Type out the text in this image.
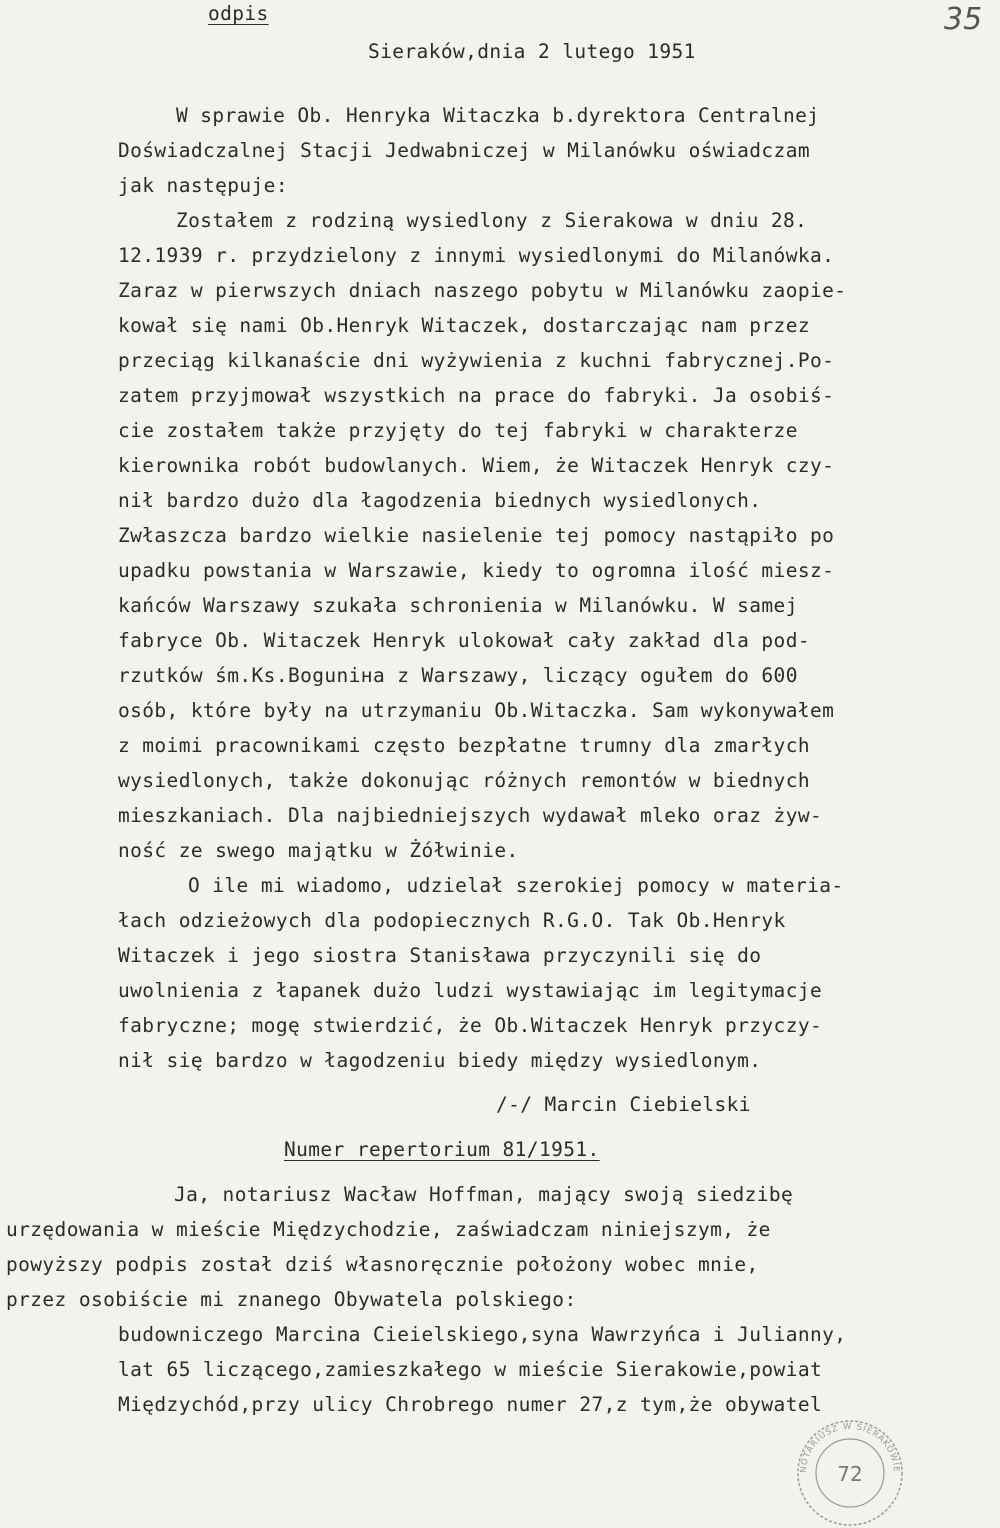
odpis	35
Sieraków,dnia 2 lutego 1951
W sprawie Ob. Henryka Witaczka b.dyrektora Centralnej
Doświadczalnej Stacji Jedwabniczej w Milanówku oświadczam
jak następuje:
Zostałem z rodziną wysiedlony z Sierakowa w dniu 28.
12.1939 r. przydzielony z innymi wysiedlonymi do Milanówka.
Zaraz w pierwszych dniach naszego pobytu w Milanówku zaopie-
kował się nami Ob.Henryk Witaczek, dostarczając nam przez
przeciąg kilkanaście dni wyżywienia z kuchni fabrycznej.Po-
zatem przyjmował wszystkich na prace do fabryki. Ja osobiś-
cie zostałem także przyjęty do tej fabryki w charakterze
kierownika robót budowlanych. Wiem, że Witaczek Henryk czy-
nił bardzo dużo dla łagodzenia biednych wysiedlonych.
Zwłaszcza bardzo wielkie nasielenie tej pomocy nastąpiło po
upadku powstania w Warszawie, kiedy to ogromna ilość miesz-
kańców Warszawy szukała schronienia w Milanówku. W samej
fabryce Ob. Witaczek Henryk ulokował cały zakład dla pod-
rzutków śm.Ks.Boguniна z Warszawy, liczący ogułem do 600
osób, które były na utrzymaniu Ob.Witaczka. Sam wykonywałem
z moimi pracownikami często bezpłatne trumny dla zmarłych
wysiedlonych, także dokonując różnych remontów w biednych
mieszkaniach. Dla najbiedniejszych wydawał mleko oraz żyw-
ność ze swego majątku w Żółwinie.
O ile mi wiadomo, udzielał szerokiej pomocy w materia-
łach odzieżowych dla podopiecznych R.G.O. Tak Ob.Henryk
Witaczek i jego siostra Stanisława przyczynili się do
uwolnienia z łapanek dużo ludzi wystawiając im legitymacje
fabryczne; mogę stwierdzić, że Ob.Witaczek Henryk przyczy-
nił się bardzo w łagodzeniu biedy między wysiedlonym.
/-/ Marcin Ciebielski
Numer repertorium 81/1951.
Ja, notariusz Wacław Hoffman, mający swoją siedzibę
urzędowania w mieście Międzychodzie, zaświadczam niniejszym, że
powyższy podpis został dziś własnoręcznie położony wobec mnie,
przez osobiście mi znanego Obywatela polskiego:
budowniczego Marcina Cieielskiego,syna Wawrzyńca i Julianny,
lat 65 liczącego,zamieszkałego w mieście Sierakowie,powiat
Międzychód,przy ulicy Chrobrego numer 27,z tym,że obywatel
NOTARIUSZ W SIERAKOWIE
72
